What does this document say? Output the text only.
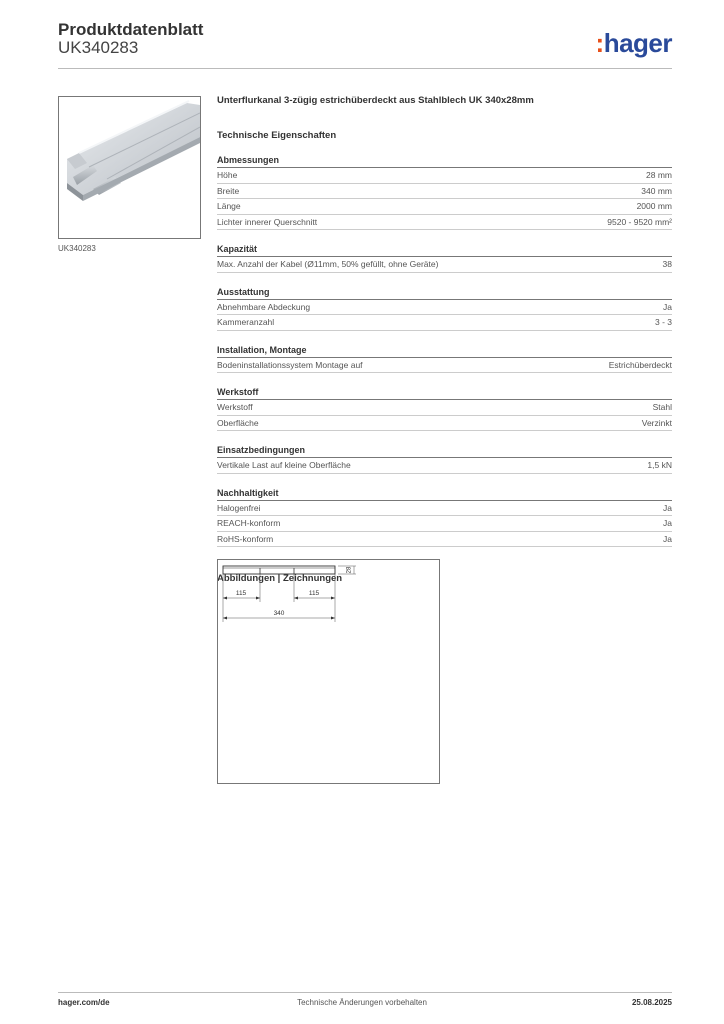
Produktdatenblatt
UK340283	:hager
UK340283
Unterflurkanal 3-zügig estrichüberdeckt aus Stahlblech UK 340x28mm
Technische Eigenschaften
Abmessungen
Höhe	28 mm
Breite	340 mm
Länge	2000 mm
Lichter innerer Querschnitt	9520 - 9520 mm²
Kapazität
Max. Anzahl der Kabel (Ø11mm, 50% gefüllt, ohne Geräte)	38
Ausstattung
Abnehmbare Abdeckung	Ja
Kammeranzahl	3 - 3
Installation, Montage
Bodeninstallationssystem Montage auf	Estrichüberdeckt
Werkstoff
Werkstoff	Stahl
Oberfläche	Verzinkt
Einsatzbedingungen
Vertikale Last auf kleine Oberfläche	1,5 kN
Nachhaltigkeit
Halogenfrei	Ja
REACH-konform	Ja
RoHS-konform	Ja
Abbildungen | Zeichnungen
28
115	115
340
hager.com/de	Technische Änderungen vorbehalten	25.08.2025
